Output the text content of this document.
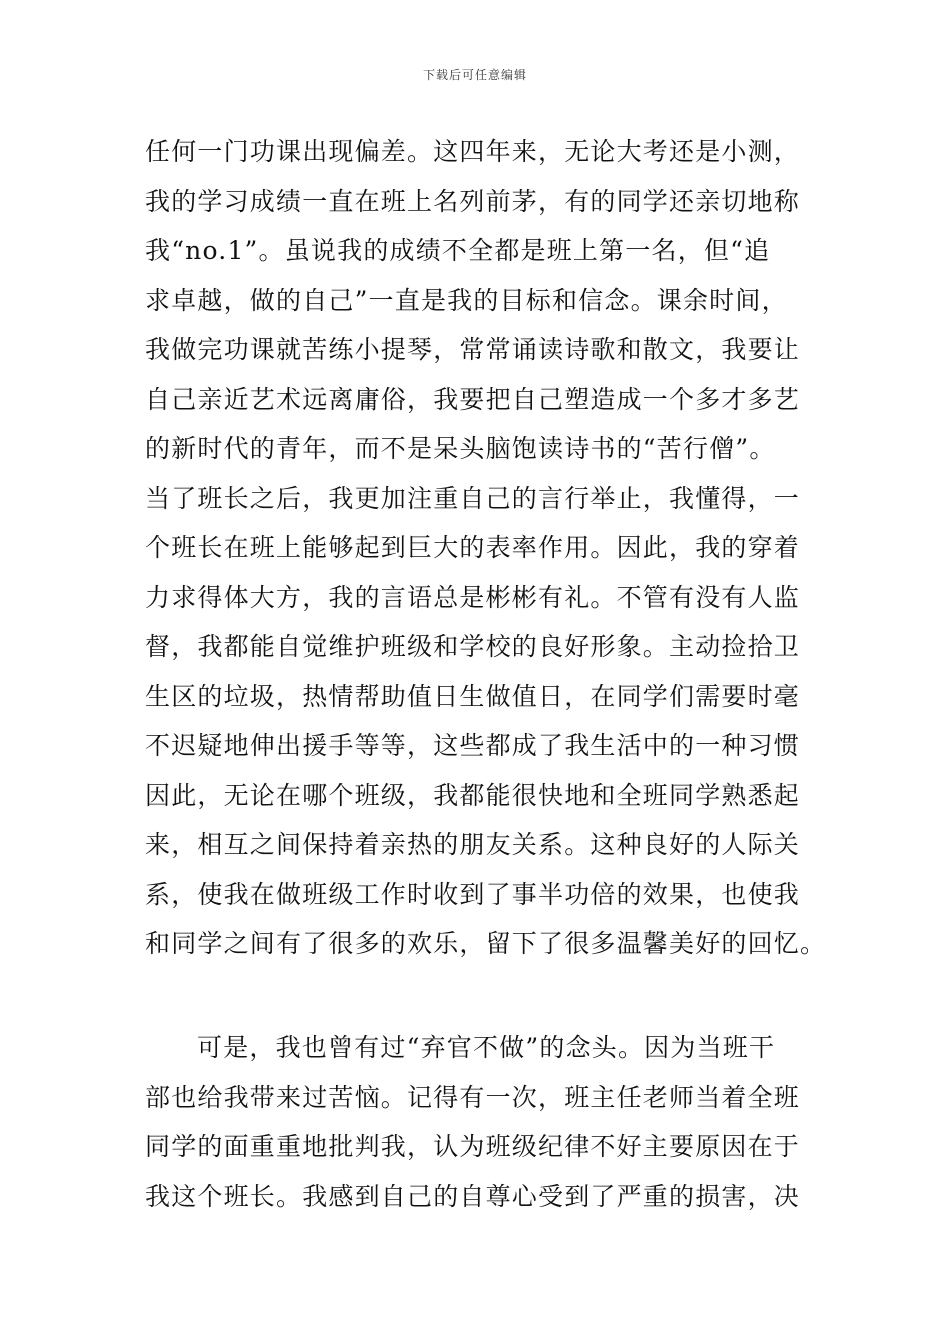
下载后可任意编辑
任何一门功课出现偏差。这四年来，无论大考还是小测，
我的学习成绩一直在班上名列前茅，有的同学还亲切地称
我“no.1”。虽说我的成绩不全都是班上第一名，但“追
求卓越，做的自己”一直是我的目标和信念。课余时间，
我做完功课就苦练小提琴，常常诵读诗歌和散文，我要让
自己亲近艺术远离庸俗，我要把自己塑造成一个多才多艺
的新时代的青年，而不是呆头脑饱读诗书的“苦行僧”。
当了班长之后，我更加注重自己的言行举止，我懂得，一
个班长在班上能够起到巨大的表率作用。因此，我的穿着
力求得体大方，我的言语总是彬彬有礼。不管有没有人监
督，我都能自觉维护班级和学校的良好形象。主动捡拾卫
生区的垃圾，热情帮助值日生做值日，在同学们需要时毫
不迟疑地伸出援手等等，这些都成了我生活中的一种习惯
因此，无论在哪个班级，我都能很快地和全班同学熟悉起
来，相互之间保持着亲热的朋友关系。这种良好的人际关
系，使我在做班级工作时收到了事半功倍的效果，也使我
和同学之间有了很多的欢乐，留下了很多温馨美好的回忆。
可是，我也曾有过“弃官不做”的念头。因为当班干
部也给我带来过苦恼。记得有一次，班主任老师当着全班
同学的面重重地批判我，认为班级纪律不好主要原因在于
我这个班长。我感到自己的自尊心受到了严重的损害，决
